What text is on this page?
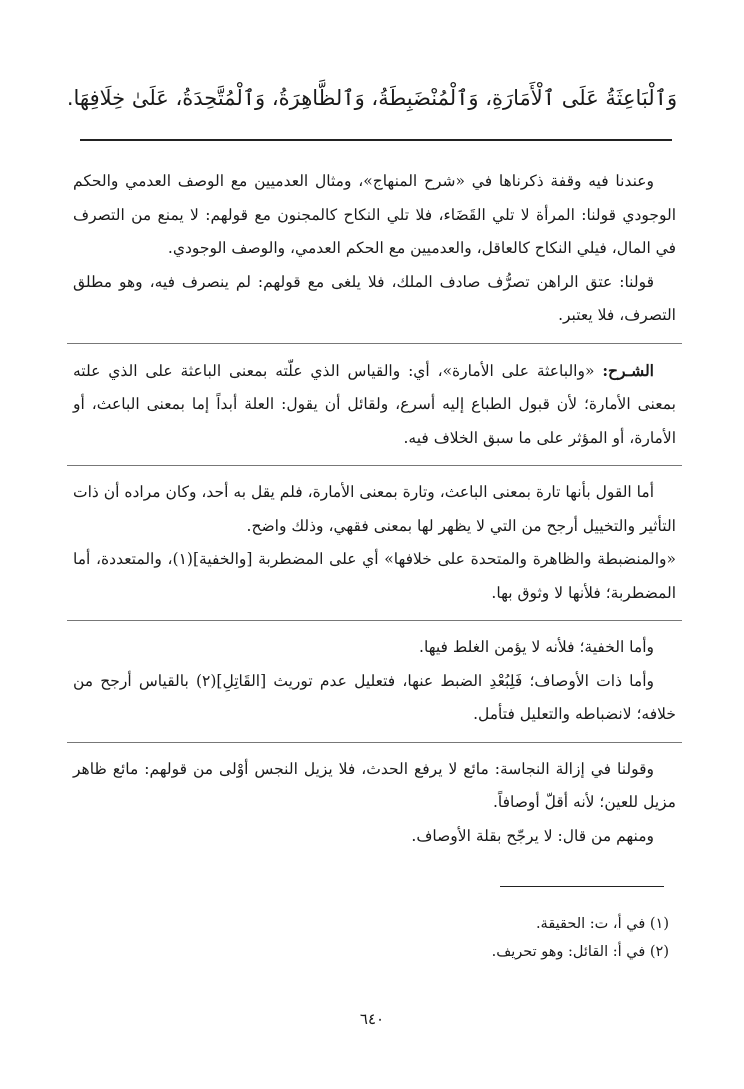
وَٱلْبَاعِثَةُ عَلَى ٱلْأَمَارَةِ، وَٱلْمُنْضَبِطَةُ، وَٱلظَّاهِرَةُ، وَٱلْمُتَّحِدَةُ، عَلَىٰ خِلَافِهَا.

وعندنا فيه وقفة ذكرناها في «شرح المنهاج»، ومثال العدميين مع الوصف العدمي والحكم الوجودي قولنا: المرأة لا تلي القَضَاء، فلا تلي النكاح كالمجنون مع قولهم: لا يمنع من التصرف في المال، فيلي النكاح كالعاقل، والعدميين مع الحكم العدمي، والوصف الوجودي.

قولنا: عتق الراهن تصرُّف صادف الملك، فلا يلغى مع قولهم: لم ينصرف فيه، وهو مطلق التصرف، فلا يعتبر.

الشـرح: «والباعثة على الأمارة»، أي: والقياس الذي علّته بمعنى الباعثة على الذي علته بمعنى الأمارة؛ لأن قبول الطباع إليه أسرع، ولقائل أن يقول: العلة أبداً إما بمعنى الباعث، أو الأمارة، أو المؤثر على ما سبق الخلاف فيه.

أما القول بأنها تارة بمعنى الباعث، وتارة بمعنى الأمارة، فلم يقل به أحد، وكان مراده أن ذات التأثير والتخييل أرجح من التي لا يظهر لها بمعنى فقهي، وذلك واضح.

«والمنضبطة والظاهرة والمتحدة على خلافها» أي على المضطربة [والخفية](١)، والمتعددة، أما المضطربة؛ فلأنها لا وثوق بها.

وأما الخفية؛ فلأنه لا يؤمن الغلط فيها.

وأما ذات الأوصاف؛ فَلِبُعْدِ الضبط عنها، فتعليل عدم توريث [القَاتِلِ](٢) بالقياس أرجح من خلافه؛ لانضباطه والتعليل فتأمل.

وقولنا في إزالة النجاسة: مائع لا يرفع الحدث، فلا يزيل النجس أوْلى من قولهم: مائع ظاهر مزيل للعين؛ لأنه أقلّ أوصافاً.

ومنهم من قال: لا يرجّح بقلة الأوصاف.

(١) في أ، ت: الحقيقة.
(٢) في أ: القائل: وهو تحريف.
٦٤٠
